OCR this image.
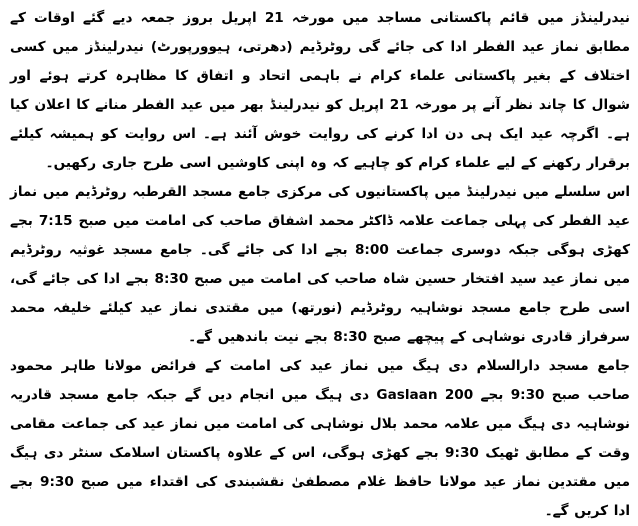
نیدرلینڈز میں قائم پاکستانی مساجد میں مورخہ 21 اپریل بروز جمعہ دیے گئے اوقات کے مطابق نماز عید الفطر ادا کی جائے گی روٹرڈیم (دھرتی، ہیوورپورٹ) نیدرلینڈز میں کسی اختلاف کے بغیر پاکستانی علماء کرام نے باہمی اتحاد و اتفاق کا مظاہرہ کرتے ہوئے اور شوال کا چاند نظر آنے پر مورخہ 21 اپریل کو نیدرلینڈ بھر میں عید الفطر منانے کا اعلان کیا ہے۔ اگرچہ عید ایک ہی دن ادا کرنے کی روایت خوش آئند ہے۔ اس روایت کو ہمیشہ کیلئے برقرار رکھنے کے لیے علماء کرام کو چاہیے کہ وہ اپنی کاوشیں اسی طرح جاری رکھیں۔

اس سلسلے میں نیدرلینڈ میں پاکستانیوں کی مرکزی جامع مسجد القرطبہ روٹرڈیم میں نماز عید الفطر کی پہلی جماعت علامہ ڈاکٹر محمد اشفاق صاحب کی امامت میں صبح 7:15 بجے کھڑی ہوگی جبکہ دوسری جماعت 8:00 بجے ادا کی جائے گی۔ جامع مسجد غوثیہ روٹرڈیم میں نماز عید سید افتخار حسین شاہ صاحب کی امامت میں صبح 8:30 بجے ادا کی جائے گی، اسی طرح جامع مسجد نوشاہیہ روٹرڈیم (نورتھ) میں مقتدی نماز عید کیلئے خلیفہ محمد سرفراز قادری نوشاہی کے پیچھے صبح 8:30 بجے نیت باندھیں گے۔

جامع مسجد دارالسلام دی ہیگ میں نماز عید کی امامت کے فرائض مولانا طاہر محمود صاحب صبح 9:30 بجے 200 Gaslaan دی ہیگ میں انجام دیں گے جبکہ جامع مسجد قادریہ نوشاہیہ دی ہیگ میں علامہ محمد بلال نوشاہی کی امامت میں نماز عید کی جماعت مقامی وقت کے مطابق ٹھیک 9:30 بجے کھڑی ہوگی، اس کے علاوہ پاکستان اسلامک سنٹر دی ہیگ میں مقتدین نماز عید مولانا حافظ غلام مصطفیٰ نقشبندی کی اقتداء میں صبح 9:30 بجے ادا کریں گے۔
